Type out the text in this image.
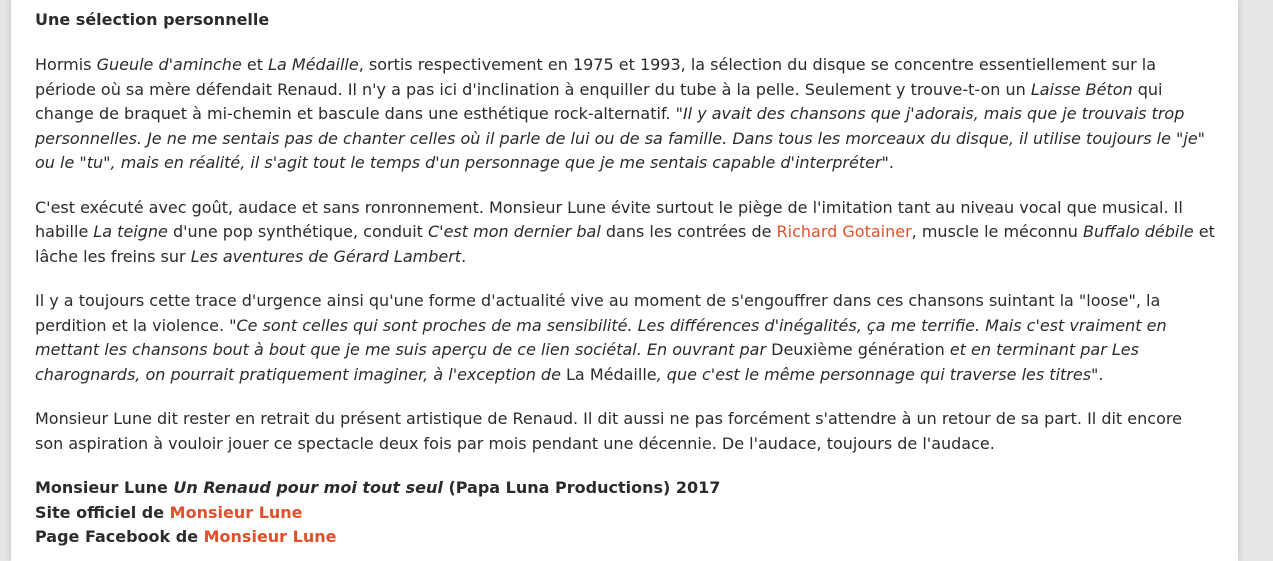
Une sélection personnelle

Hormis Gueule d'aminche et La Médaille, sortis respectivement en 1975 et 1993, la sélection du disque se concentre essentiellement sur la période où sa mère défendait Renaud. Il n'y a pas ici d'inclination à enquiller du tube à la pelle. Seulement y trouve-t-on un Laisse Béton qui change de braquet à mi-chemin et bascule dans une esthétique rock-alternatif. "Il y avait des chansons que j'adorais, mais que je trouvais trop personnelles. Je ne me sentais pas de chanter celles où il parle de lui ou de sa famille. Dans tous les morceaux du disque, il utilise toujours le "je" ou le "tu", mais en réalité, il s'agit tout le temps d'un personnage que je me sentais capable d'interpréter".

C'est exécuté avec goût, audace et sans ronronnement. Monsieur Lune évite surtout le piège de l'imitation tant au niveau vocal que musical. Il habille La teigne d'une pop synthétique, conduit C'est mon dernier bal dans les contrées de Richard Gotainer, muscle le méconnu Buffalo débile et lâche les freins sur Les aventures de Gérard Lambert.

Il y a toujours cette trace d'urgence ainsi qu'une forme d'actualité vive au moment de s'engouffrer dans ces chansons suintant la "loose", la perdition et la violence. "Ce sont celles qui sont proches de ma sensibilité. Les différences d'inégalités, ça me terrifie. Mais c'est vraiment en mettant les chansons bout à bout que je me suis aperçu de ce lien sociétal. En ouvrant par Deuxième génération et en terminant par Les charognards, on pourrait pratiquement imaginer, à l'exception de La Médaille, que c'est le même personnage qui traverse les titres".

Monsieur Lune dit rester en retrait du présent artistique de Renaud. Il dit aussi ne pas forcément s'attendre à un retour de sa part. Il dit encore son aspiration à vouloir jouer ce spectacle deux fois par mois pendant une décennie. De l'audace, toujours de l'audace.

Monsieur Lune Un Renaud pour moi tout seul (Papa Luna Productions) 2017
Site officiel de Monsieur Lune
Page Facebook de Monsieur Lune
